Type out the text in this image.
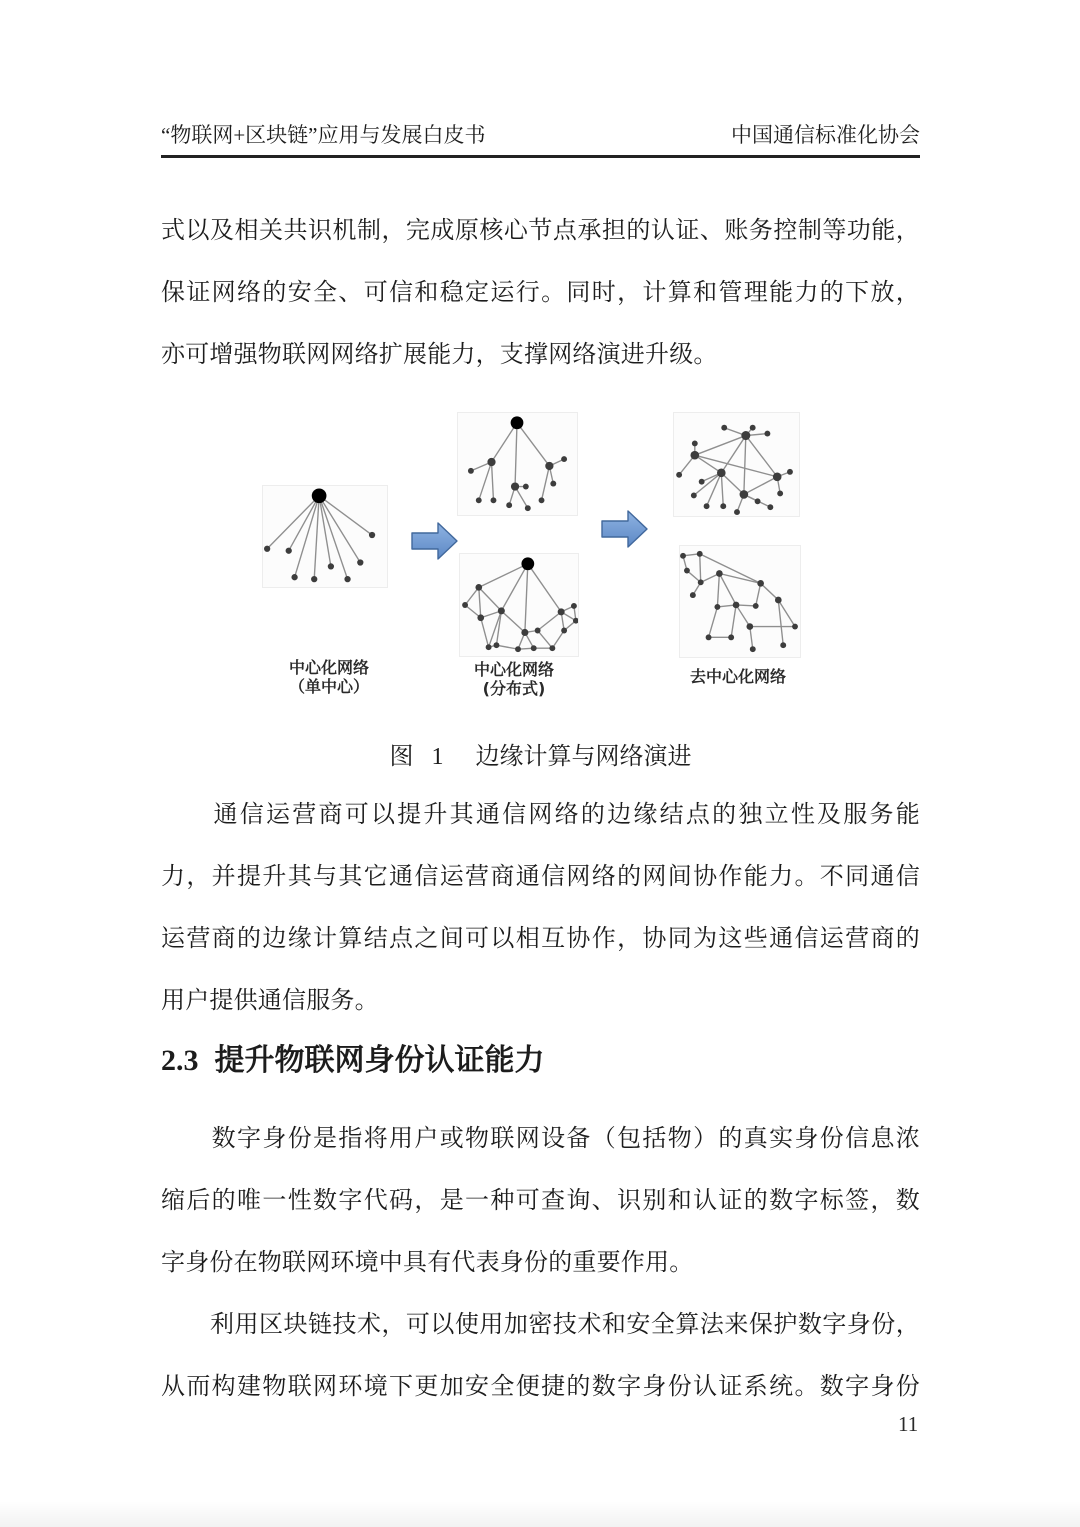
“物联网+区块链”应用与发展白皮书	中国通信标准化协会
式以及相关共识机制，完成原核心节点承担的认证、账务控制等功能，
保证网络的安全、可信和稳定运行。同时，计算和管理能力的下放，
亦可增强物联网网络扩展能力，支撑网络演进升级。
中心化网络
（单中心）
中心化网络
(分布式)
去中心化网络
图 1 边缘计算与网络演进
　　通信运营商可以提升其通信网络的边缘结点的独立性及服务能
力，并提升其与其它通信运营商通信网络的网间协作能力。不同通信
运营商的边缘计算结点之间可以相互协作，协同为这些通信运营商的
用户提供通信服务。
2.3 提升物联网身份认证能力
　　数字身份是指将用户或物联网设备（包括物）的真实身份信息浓
缩后的唯一性数字代码，是一种可查询、识别和认证的数字标签，数
字身份在物联网环境中具有代表身份的重要作用。
　　利用区块链技术，可以使用加密技术和安全算法来保护数字身份，
从而构建物联网环境下更加安全便捷的数字身份认证系统。数字身份
11
